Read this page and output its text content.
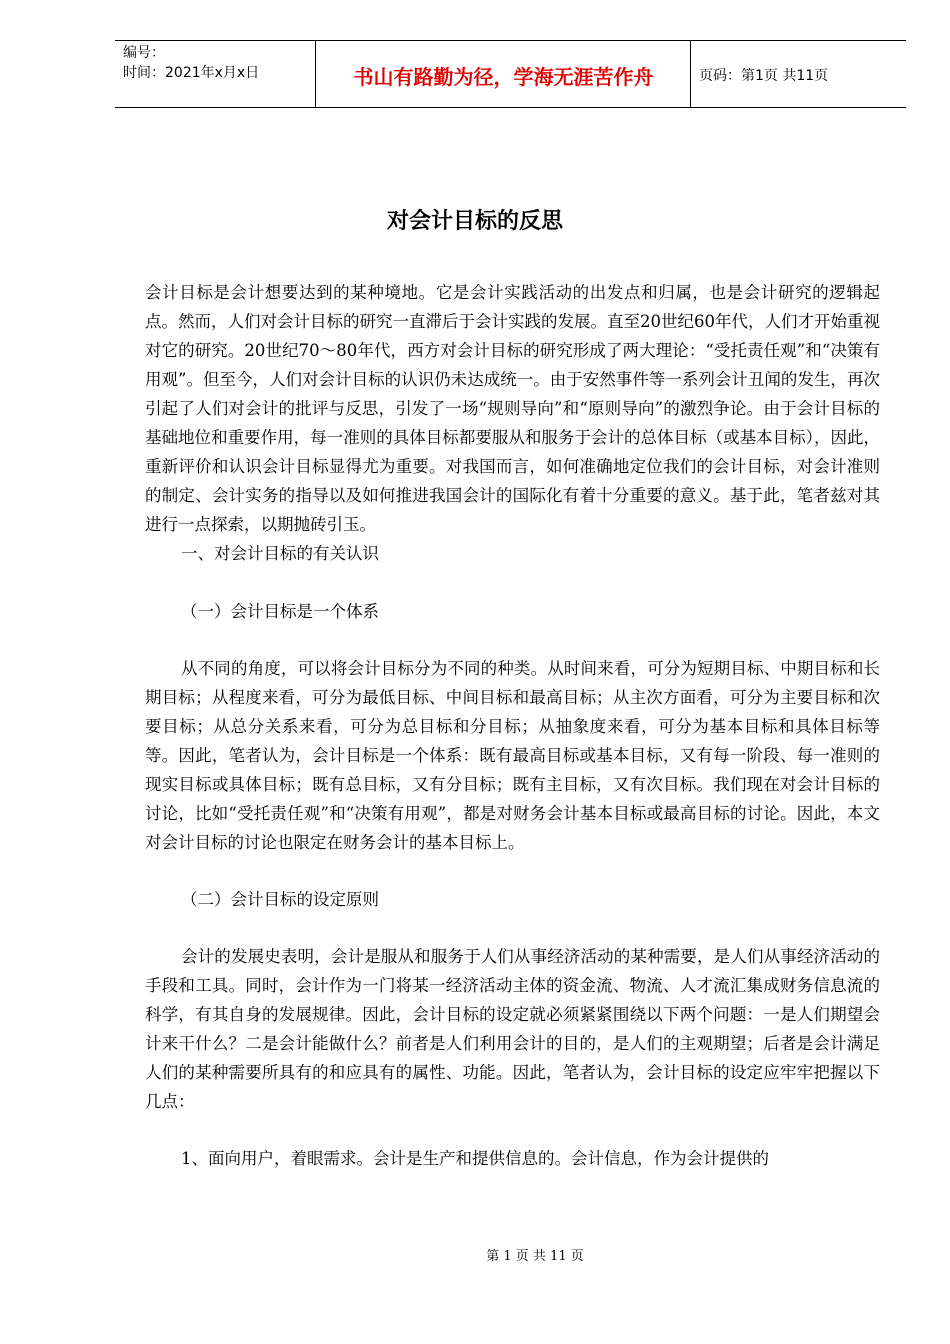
编号：
时间：2021年x月x日	书山有路勤为径，学海无涯苦作舟	页码：第1页 共11页
对会计目标的反思

会计目标是会计想要达到的某种境地。它是会计实践活动的出发点和归属，也是会计研究的逻辑起点。然而，人们对会计目标的研究一直滞后于会计实践的发展。直至20世纪60年代，人们才开始重视对它的研究。20世纪70～80年代，西方对会计目标的研究形成了两大理论：“受托责任观”和“决策有用观”。但至今，人们对会计目标的认识仍未达成统一。由于安然事件等一系列会计丑闻的发生，再次引起了人们对会计的批评与反思，引发了一场“规则导向”和“原则导向”的激烈争论。由于会计目标的基础地位和重要作用，每一准则的具体目标都要服从和服务于会计的总体目标（或基本目标），因此，重新评价和认识会计目标显得尤为重要。对我国而言，如何准确地定位我们的会计目标，对会计准则的制定、会计实务的指导以及如何推进我国会计的国际化有着十分重要的意义。基于此，笔者兹对其进行一点探索，以期抛砖引玉。

一、对会计目标的有关认识

（一）会计目标是一个体系

从不同的角度，可以将会计目标分为不同的种类。从时间来看，可分为短期目标、中期目标和长期目标；从程度来看，可分为最低目标、中间目标和最高目标；从主次方面看，可分为主要目标和次要目标；从总分关系来看，可分为总目标和分目标；从抽象度来看，可分为基本目标和具体目标等等。因此，笔者认为，会计目标是一个体系：既有最高目标或基本目标，又有每一阶段、每一准则的现实目标或具体目标；既有总目标，又有分目标；既有主目标，又有次目标。我们现在对会计目标的讨论，比如“受托责任观”和“决策有用观”，都是对财务会计基本目标或最高目标的讨论。因此，本文对会计目标的讨论也限定在财务会计的基本目标上。

（二）会计目标的设定原则

会计的发展史表明，会计是服从和服务于人们从事经济活动的某种需要，是人们从事经济活动的手段和工具。同时，会计作为一门将某一经济活动主体的资金流、物流、人才流汇集成财务信息流的科学，有其自身的发展规律。因此，会计目标的设定就必须紧紧围绕以下两个问题：一是人们期望会计来干什么？二是会计能做什么？前者是人们利用会计的目的，是人们的主观期望；后者是会计满足人们的某种需要所具有的和应具有的属性、功能。因此，笔者认为，会计目标的设定应牢牢把握以下几点：

1、面向用户，着眼需求。会计是生产和提供信息的。会计信息，作为会计提供的

第 1 页 共 11 页
